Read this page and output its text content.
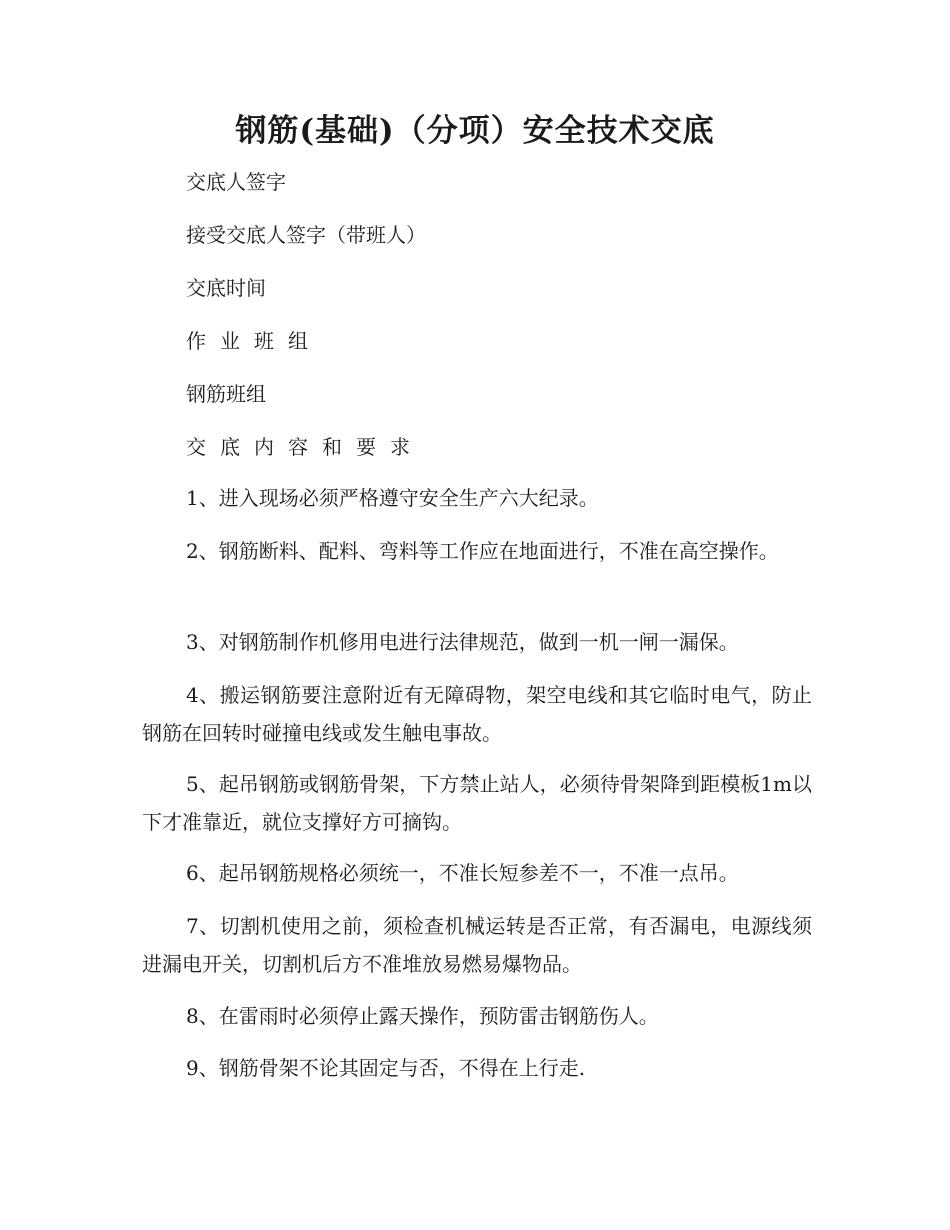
钢筋(基础)（分项）安全技术交底
交底人签字
接受交底人签字（带班人）
交底时间
作业班组
钢筋班组
交底内容和要求
1、进入现场必须严格遵守安全生产六大纪录。
2、钢筋断料、配料、弯料等工作应在地面进行，不准在高空操作。
3、对钢筋制作机修用电进行法律规范，做到一机一闸一漏保。
4、搬运钢筋要注意附近有无障碍物，架空电线和其它临时电气，防止钢筋在回转时碰撞电线或发生触电事故。
5、起吊钢筋或钢筋骨架，下方禁止站人，必须待骨架降到距模板1m以下才准靠近，就位支撑好方可摘钩。
6、起吊钢筋规格必须统一，不准长短参差不一，不准一点吊。
7、切割机使用之前，须检查机械运转是否正常，有否漏电，电源线须进漏电开关，切割机后方不准堆放易燃易爆物品。
8、在雷雨时必须停止露天操作，预防雷击钢筋伤人。
9、钢筋骨架不论其固定与否，不得在上行走.
